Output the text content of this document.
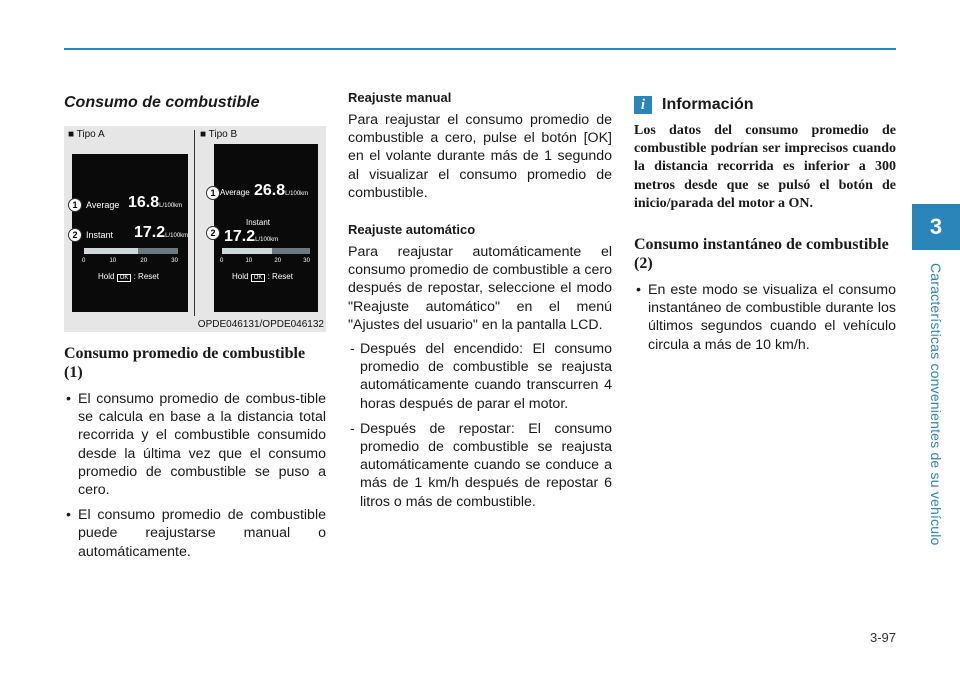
3
Características convenientes de su vehículo
Consumo de combustible
■ Tipo A	■ Tipo B
Average 16.8L/100km
Instant 17.2L/100km
0	10	20	30
Hold OK : Reset
1
2
Average 26.8L/100km
Instant
17.2L/100km
0	10	20	30
Hold OK : Reset
1
2
OPDE046131/OPDE046132
Consumo promedio de combustible (1)
• El consumo promedio de combus-tible se calcula en base a la distancia total recorrida y el combustible consumido desde la última vez que el consumo promedio de combustible se puso a cero.
• El consumo promedio de combustible puede reajustarse manual o automáticamente.
Reajuste manual

Para reajustar el consumo promedio de combustible a cero, pulse el botón [OK] en el volante durante más de 1 segundo al visualizar el consumo promedio de combustible.

Reajuste automático

Para reajustar automáticamente el consumo promedio de combustible a cero después de repostar, seleccione el modo "Reajuste automático" en el menú "Ajustes del usuario" en la pantalla LCD.

- Después del encendido: El consumo promedio de combustible se reajusta automáticamente cuando transcurren 4 horas después de parar el motor.
- Después de repostar: El consumo promedio de combustible se reajusta automáticamente cuando se conduce a más de 1 km/h después de repostar 6 litros o más de combustible.
i	Información
Los datos del consumo promedio de combustible podrían ser imprecisos cuando la distancia recorrida es inferior a 300 metros desde que se pulsó el botón de inicio/parada del motor a ON.
Consumo instantáneo de combustible (2)
• En este modo se visualiza el consumo instantáneo de combustible durante los últimos segundos cuando el vehículo circula a más de 10 km/h.
3-97
